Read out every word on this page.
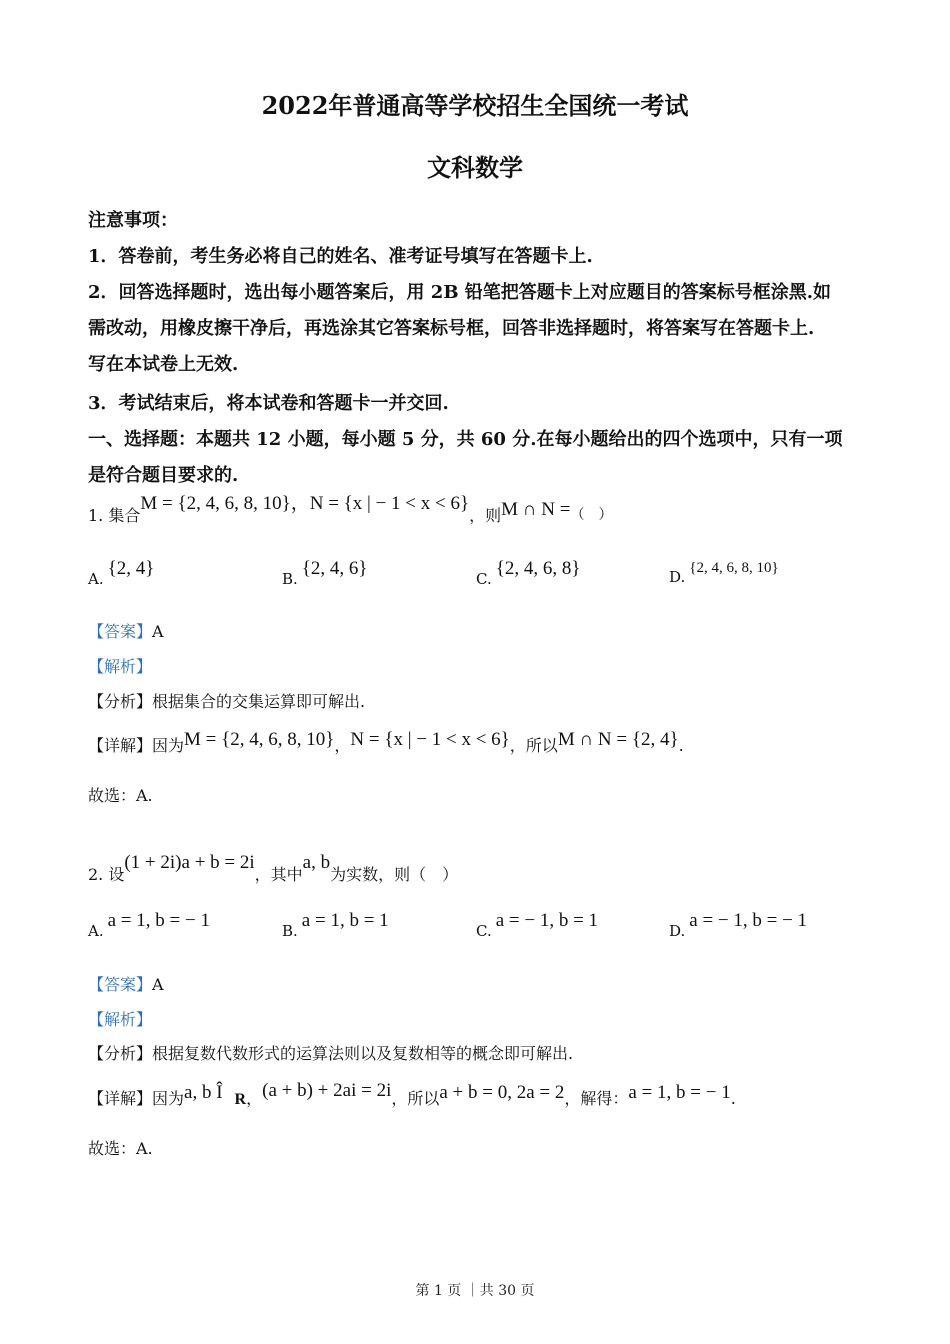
2022年普通高等学校招生全国统一考试
文科数学
注意事项：
1．答卷前，考生务必将自己的姓名、准考证号填写在答题卡上.
2．回答选择题时，选出每小题答案后，用 2B 铅笔把答题卡上对应题目的答案标号框涂黑.如
需改动，用橡皮擦干净后，再选涂其它答案标号框，回答非选择题时，将答案写在答题卡上.
写在本试卷上无效.
3．考试结束后，将本试卷和答题卡一并交回.
一、选择题：本题共 12 小题，每小题 5 分，共 60 分.在每小题给出的四个选项中，只有一项
是符合题目要求的.
1. 集合M = {2, 4, 6, 8, 10}，N = {x | − 1 < x < 6}，则M ∩ N =（　）
A. {2, 4}	B. {2, 4, 6}	C. {2, 4, 6, 8}	D. {2, 4, 6, 8, 10}
【答案】A
【解析】
【分析】根据集合的交集运算即可解出.
【详解】因为M = {2, 4, 6, 8, 10}，N = {x | − 1 < x < 6}，所以M ∩ N = {2, 4}.
故选：A.
2. 设(1 + 2i)a + b = 2i，其中a, b为实数，则（　）
A. a = 1, b = − 1	B. a = 1, b = 1	C. a = − 1, b = 1	D. a = − 1, b = − 1
【答案】A
【解析】
【分析】根据复数代数形式的运算法则以及复数相等的概念即可解出.
【详解】因为a, b Î R，(a + b) + 2ai = 2i，所以a + b = 0, 2a = 2，解得：a = 1, b = − 1.
故选：A.
第 1 页 ｜共 30 页
